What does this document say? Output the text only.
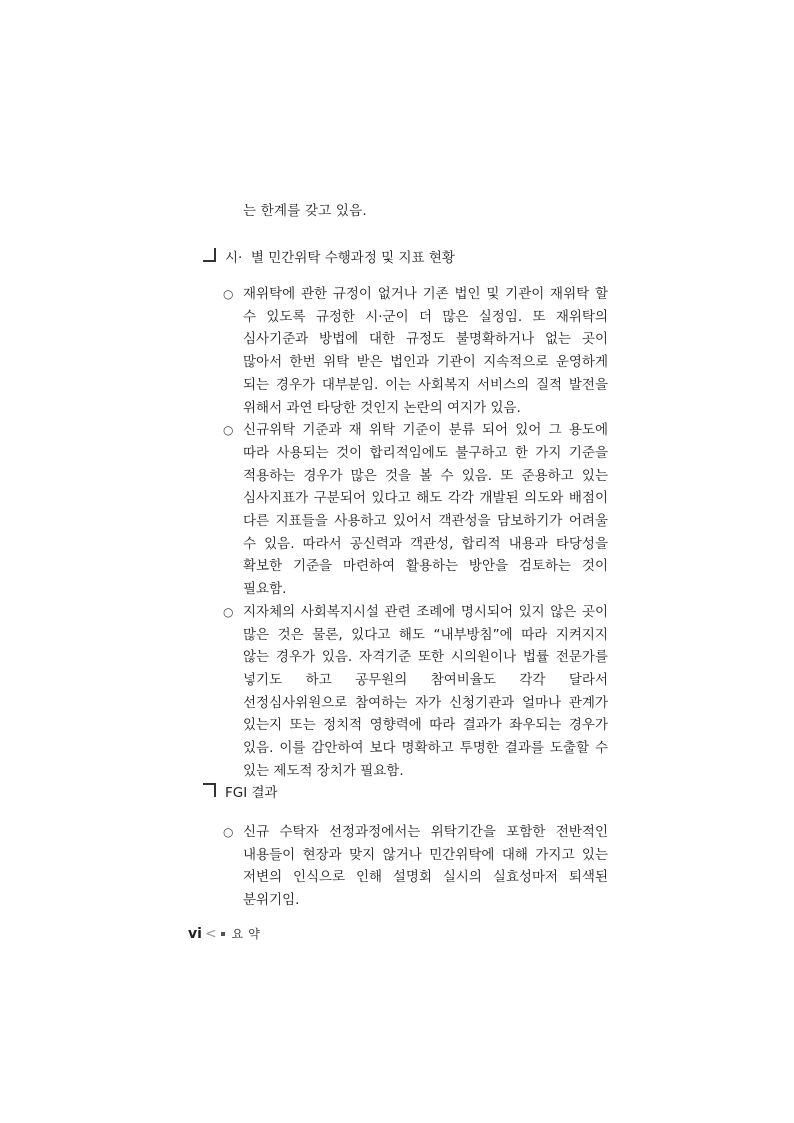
는 한계를 갖고 있음.
시·  별 민간위탁 수행과정 및 지표 현황
○ 재위탁에 관한 규정이 없거나 기존 법인 및 기관이 재위탁 할 수 있도록 규정한 시·군이 더 많은 실정임. 또 재위탁의 심사기준과 방법에 대한 규정도 불명확하거나 없는 곳이 많아서 한번 위탁 받은 법인과 기관이 지속적으로 운영하게 되는 경우가 대부분임. 이는 사회복지 서비스의 질적 발전을 위해서 과연 타당한 것인지 논란의 여지가 있음.
○ 신규위탁 기준과 재 위탁 기준이 분류 되어 있어 그 용도에 따라 사용되는 것이 합리적임에도 불구하고 한 가지 기준을 적용하는 경우가 많은 것을 볼 수 있음. 또 준용하고 있는 심사지표가 구분되어 있다고 해도 각각 개발된 의도와 배점이 다른 지표들을 사용하고 있어서 객관성을 담보하기가 어려울 수 있음. 따라서 공신력과 객관성, 합리적 내용과 타당성을 확보한 기준을 마련하여 활용하는 방안을 검토하는 것이 필요함.
○ 지자체의 사회복지시설 관련 조례에 명시되어 있지 않은 곳이 많은 것은 물론, 있다고 해도 “내부방침”에 따라 지켜지지 않는 경우가 있음. 자격기준 또한 시의원이나 법률 전문가를 넣기도 하고 공무원의 참여비율도 각각 달라서 선정심사위원으로 참여하는 자가 신청기관과 얼마나 관계가 있는지 또는 정치적 영향력에 따라 결과가 좌우되는 경우가 있음. 이를 감안하여 보다 명확하고 투명한 결과를 도출할 수 있는 제도적 장치가 필요함.
FGI 결과
○ 신규 수탁자 선정과정에서는 위탁기간을 포함한 전반적인 내용들이 현장과 맞지 않거나 민간위탁에 대해 가지고 있는 저변의 인식으로 인해 설명회 실시의 실효성마저 퇴색된 분위기임.
vi < 요약
